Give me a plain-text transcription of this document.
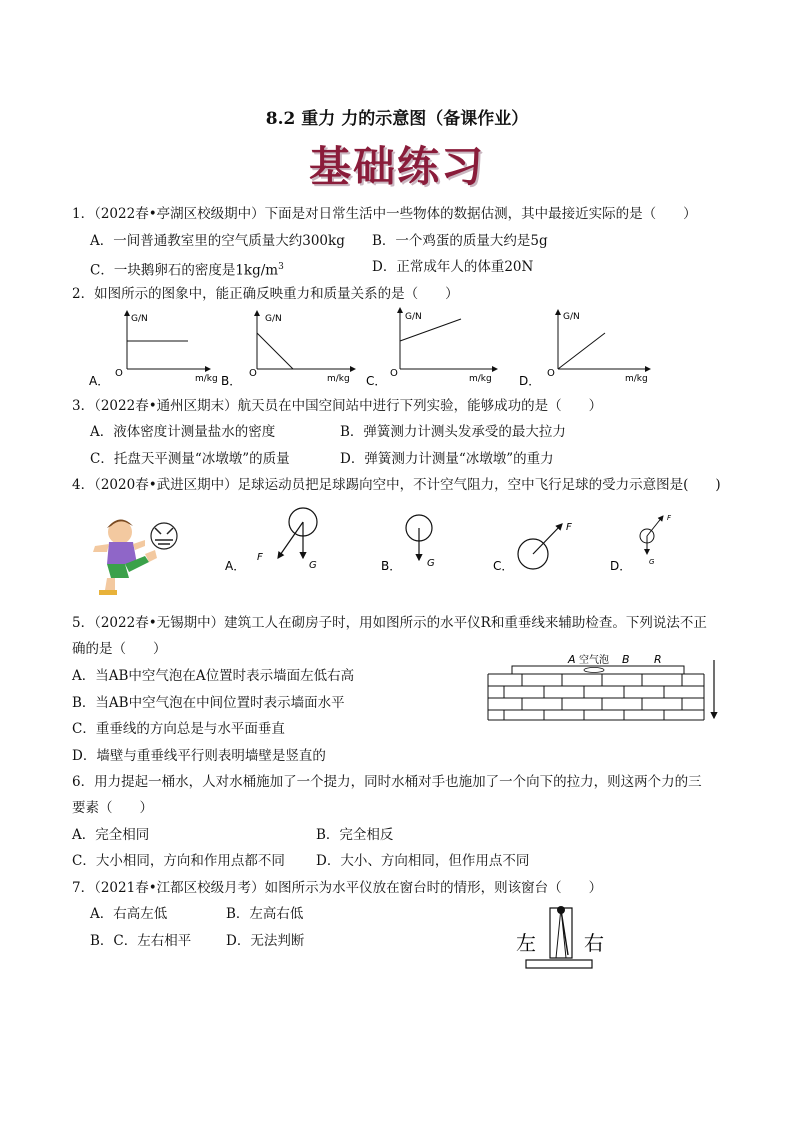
8.2 重力 力的示意图（备课作业）
基础练习
1．（2022春•亭湖区校级期中）下面是对日常生活中一些物体的数据估测，其中最接近实际的是（　　）
A．一间普通教室里的空气质量大约300kg B．一个鸡蛋的质量大约是5g
C．一块鹅卵石的密度是$1kg/m^3$	D．正常成年人的体重20N
2．如图所示的图象中，能正确反映重力和质量关系的是（　　）
G/N
O	m/kg
A．
G/N
O	m/kg
B．
G/N
O	m/kg
C．
G/N
O	m/kg
D．
3．（2022春•通州区期末）航天员在中国空间站中进行下列实验，能够成功的是（　　）
A．液体密度计测量盐水的密度	B．弹簧测力计测头发承受的最大拉力
C．托盘天平测量“冰墩墩”的质量	D．弹簧测力计测量“冰墩墩”的重力
4．（2020春•武进区期中）足球运动员把足球踢向空中，不计空气阻力，空中飞行足球的受力示意图是(　　)
A．
F
G	B．	G	C．
F
D．
F
G
5．（2022春•无锡期中）建筑工人在砌房子时，用如图所示的水平仪R和重垂线来辅助检查。下列说法不正
确的是（　　）
A．当AB中空气泡在A位置时表示墙面左低右高
B．当AB中空气泡在中间位置时表示墙面水平
C．重垂线的方向总是与水平面垂直
D．墙壁与重垂线平行则表明墙壁是竖直的
A 空气泡 B R
6．用力提起一桶水，人对水桶施加了一个提力，同时水桶对手也施加了一个向下的拉力，则这两个力的三
要素（　　）
A．完全相同	B．完全相反
C．大小相同，方向和作用点都不同 D．大小、方向相同，但作用点不同
7．（2021春•江都区校级月考）如图所示为水平仪放在窗台时的情形，则该窗台（　　）
A．右高左低	B．左高右低
B．C．左右相平	D．无法判断	左 右
